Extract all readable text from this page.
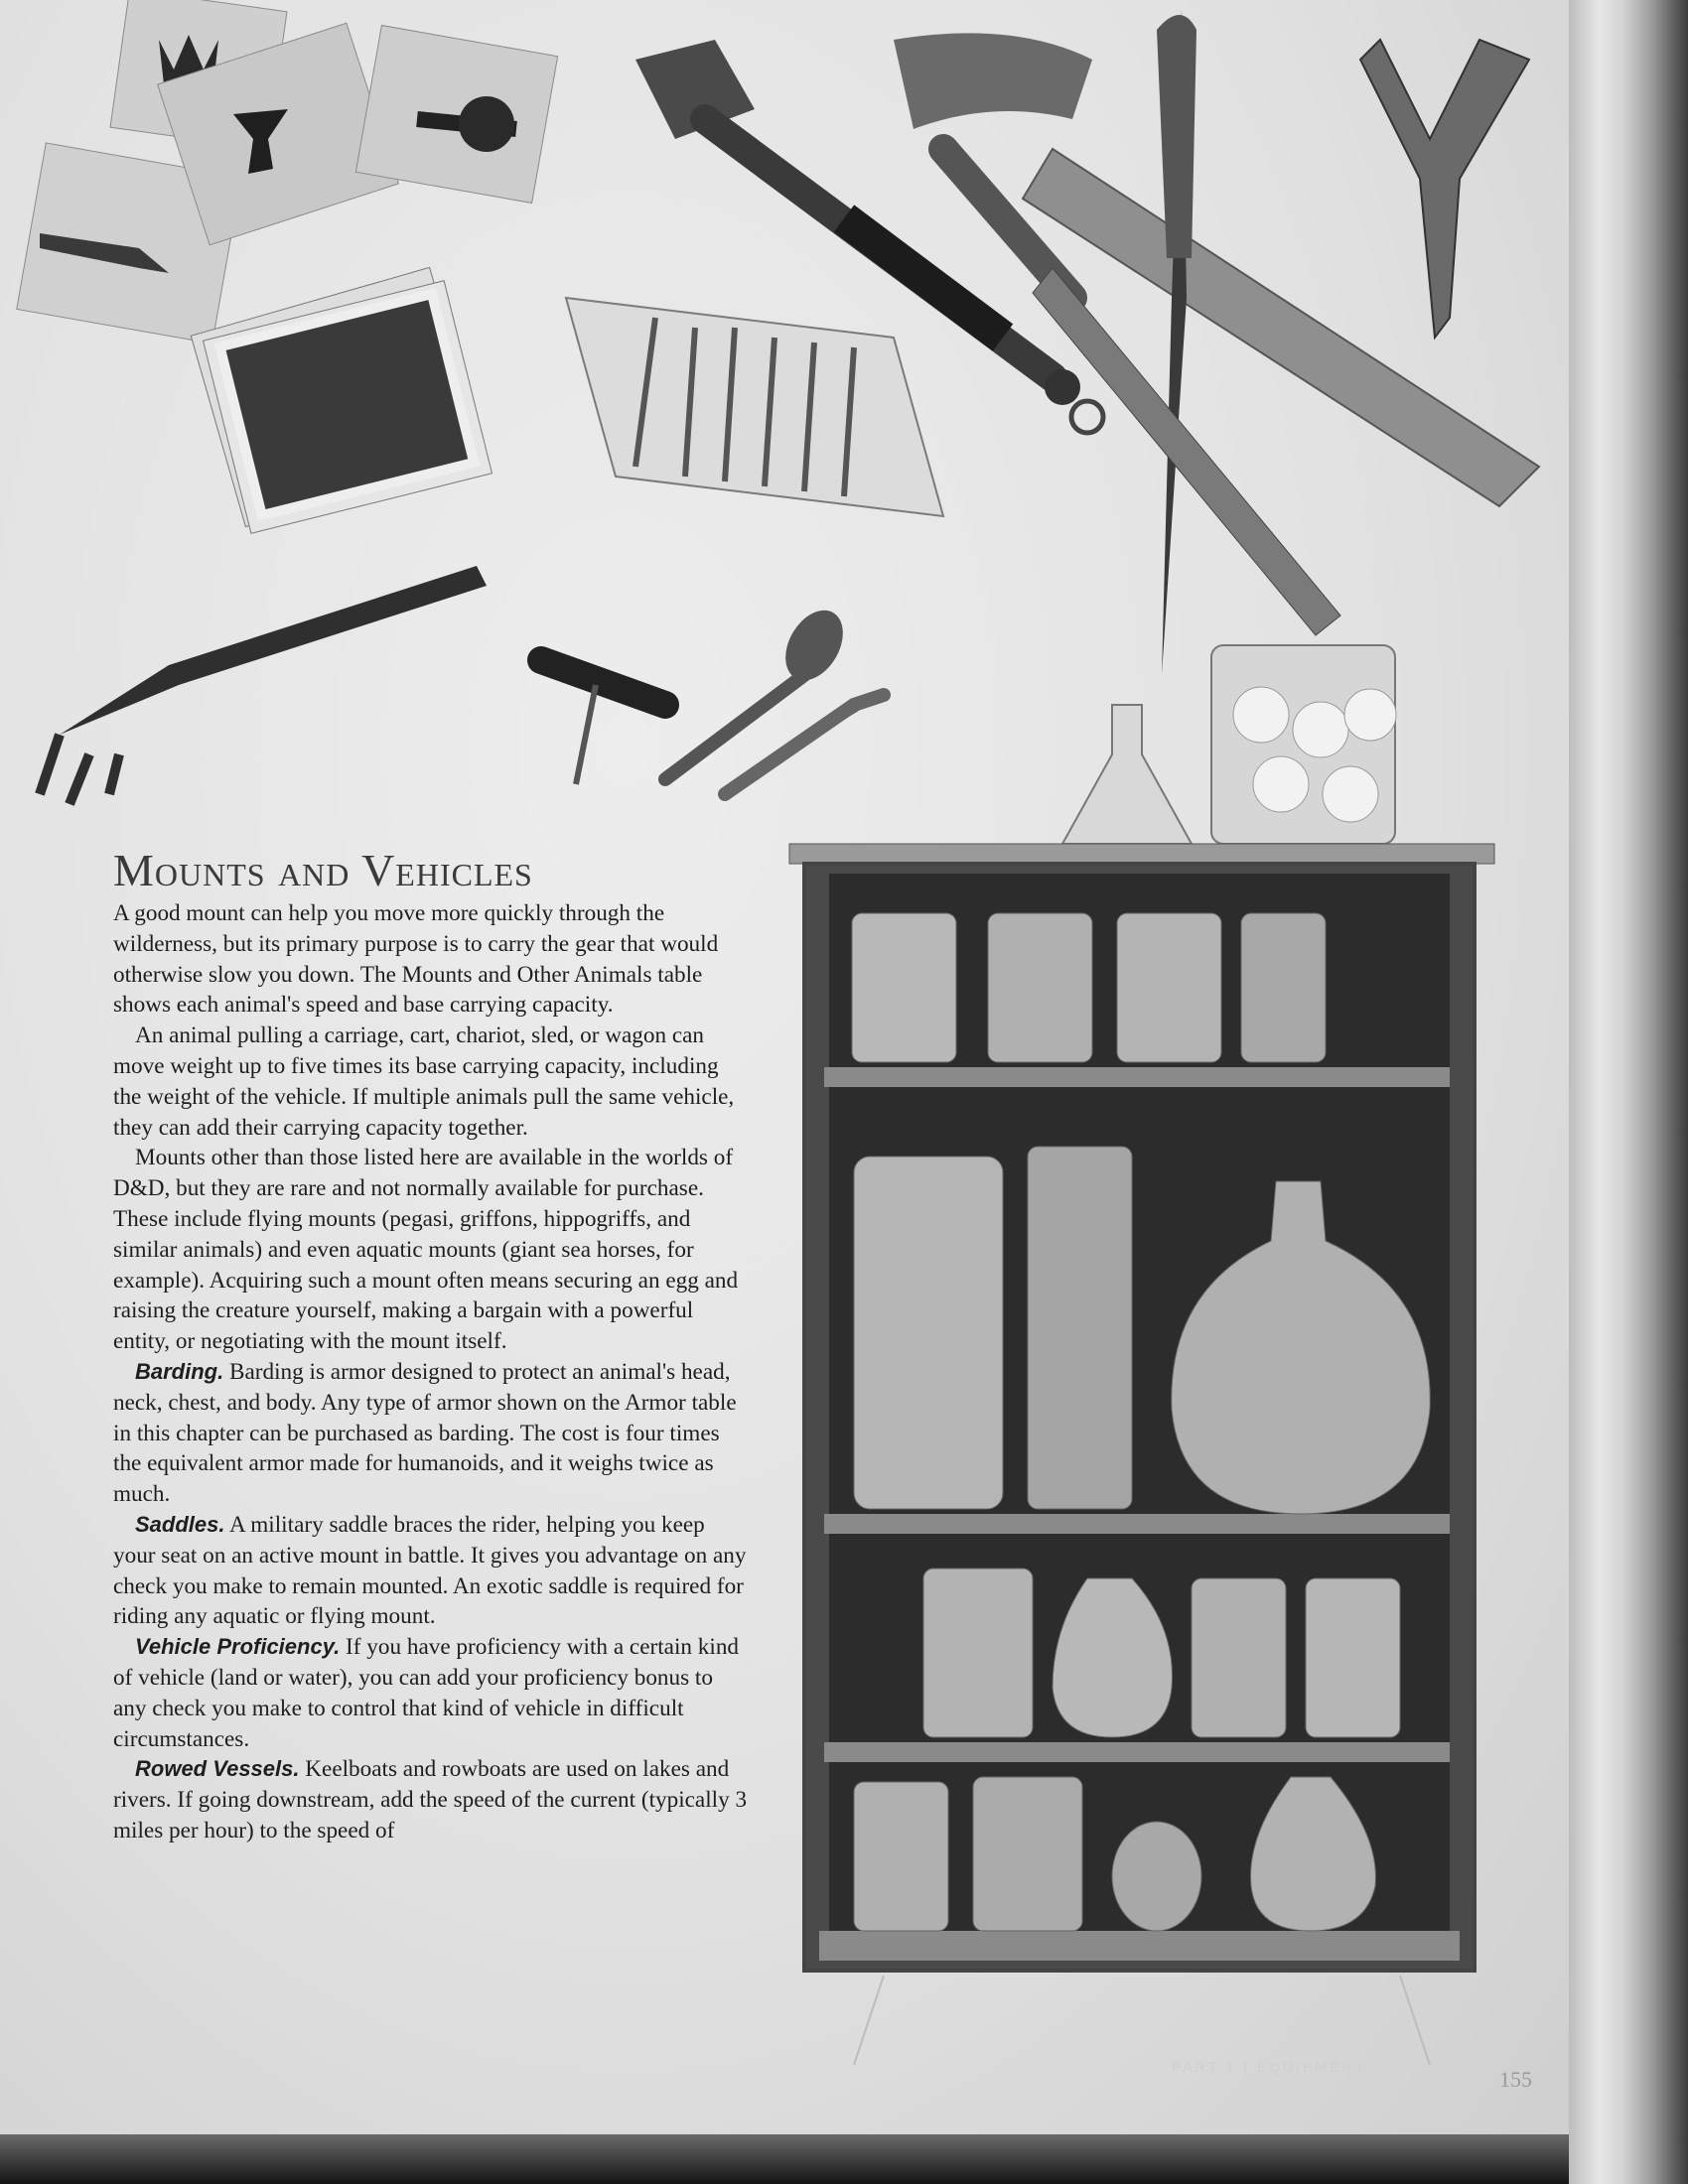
Mounts and Vehicles

A good mount can help you move more quickly through the wilderness, but its primary purpose is to carry the gear that would otherwise slow you down. The Mounts and Other Animals table shows each animal's speed and base carrying capacity.

An animal pulling a carriage, cart, chariot, sled, or wagon can move weight up to five times its base carrying capacity, including the weight of the vehicle. If multiple animals pull the same vehicle, they can add their carrying capacity together.

Mounts other than those listed here are available in the worlds of D&D, but they are rare and not normally available for purchase. These include flying mounts (pegasi, griffons, hippogriffs, and similar animals) and even aquatic mounts (giant sea horses, for example). Acquiring such a mount often means securing an egg and raising the creature yourself, making a bargain with a powerful entity, or negotiating with the mount itself.

Barding. Barding is armor designed to protect an animal's head, neck, chest, and body. Any type of armor shown on the Armor table in this chapter can be purchased as barding. The cost is four times the equivalent armor made for humanoids, and it weighs twice as much.

Saddles. A military saddle braces the rider, helping you keep your seat on an active mount in battle. It gives you advantage on any check you make to remain mounted. An exotic saddle is required for riding any aquatic or flying mount.

Vehicle Proficiency. If you have proficiency with a certain kind of vehicle (land or water), you can add your proficiency bonus to any check you make to control that kind of vehicle in difficult circumstances.

Rowed Vessels. Keelboats and rowboats are used on lakes and rivers. If going downstream, add the speed of the current (typically 3 miles per hour) to the speed of

PART 1 | EQUIPMENT	155
